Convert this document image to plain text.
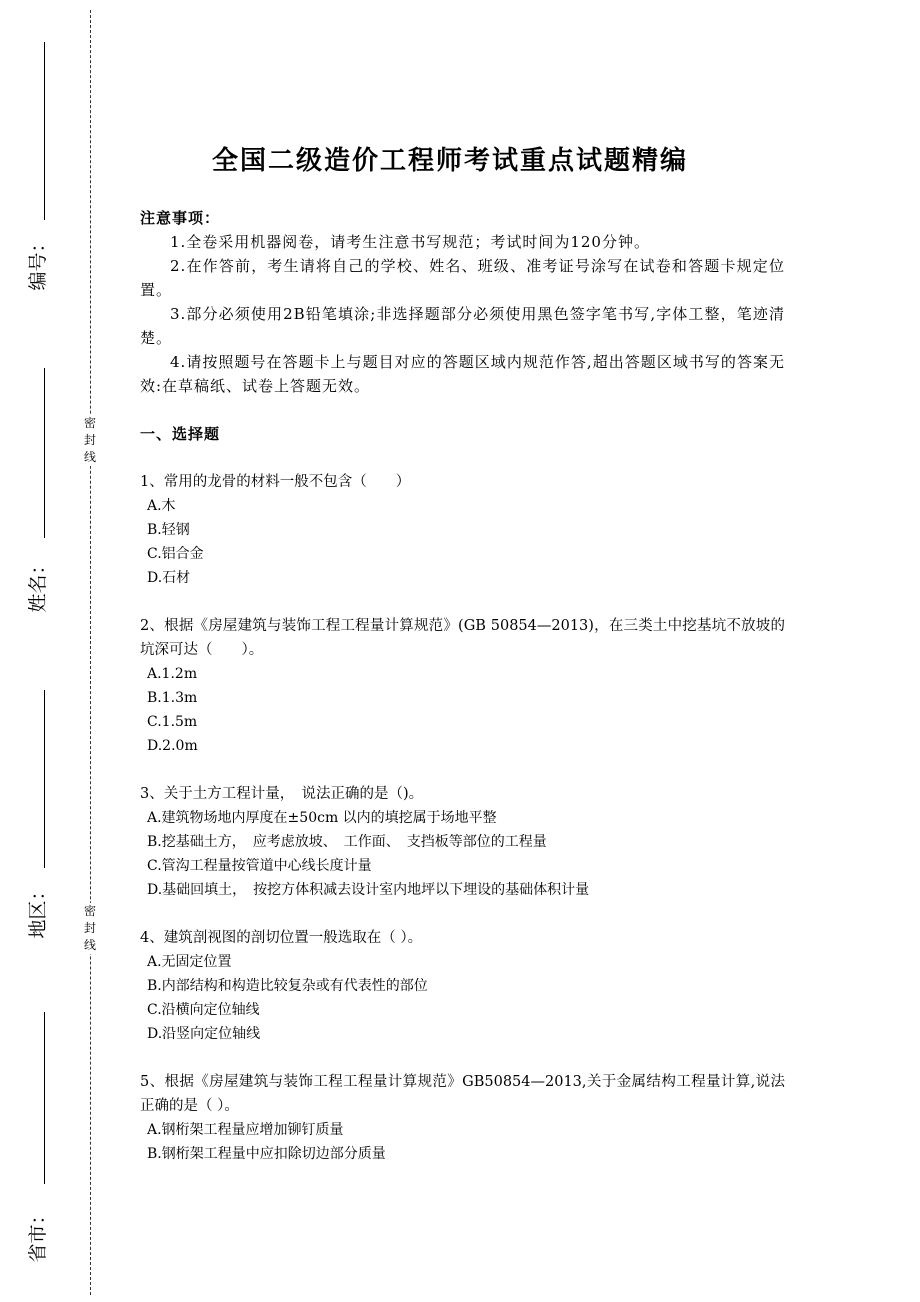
密封线
密封线
编号：
姓名：
地区：
省市：
全国二级造价工程师考试重点试题精编
注意事项：
1.全卷采用机器阅卷，请考生注意书写规范；考试时间为120分钟。
2.在作答前，考生请将自己的学校、姓名、班级、准考证号涂写在试卷和答题卡规定位置。
3.部分必须使用2B铅笔填涂;非选择题部分必须使用黑色签字笔书写,字体工整，笔迹清楚。
4.请按照题号在答题卡上与题目对应的答题区域内规范作答,超出答题区域书写的答案无效:在草稿纸、试卷上答题无效。
一、选择题
1、常用的龙骨的材料一般不包含（　　）
A.木
B.轻钢
C.铝合金
D.石材
2、根据《房屋建筑与装饰工程工程量计算规范》(GB 50854—2013)，在三类土中挖基坑不放坡的坑深可达（　　）。
A.1.2m
B.1.3m
C.1.5m
D.2.0m
3、关于土方工程计量，　说法正确的是（)。
A.建筑物场地内厚度在±50cm 以内的填挖属于场地平整
B.挖基础土方，　应考虑放坡、　工作面、　支挡板等部位的工程量
C.管沟工程量按管道中心线长度计量
D.基础回填土，　按挖方体积减去设计室内地坪以下埋设的基础体积计量
4、建筑剖视图的剖切位置一般选取在（ ）。
A.无固定位置
B.内部结构和构造比较复杂或有代表性的部位
C.沿横向定位轴线
D.沿竖向定位轴线
5、根据《房屋建筑与装饰工程工程量计算规范》GB50854—2013,关于金属结构工程量计算,说法正确的是（ ）。
A.钢桁架工程量应增加铆钉质量
B.钢桁架工程量中应扣除切边部分质量
